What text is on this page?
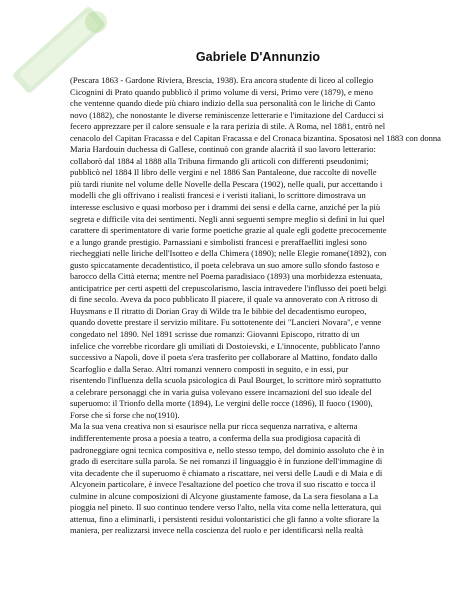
Gabriele D'Annunzio
(Pescara 1863 - Gardone Riviera, Brescia, 1938). Era ancora studente di liceo al collegio
Cicognini di Prato quando pubblicò il primo volume di versi, Primo vere (1879), e meno
che ventenne quando diede più chiaro indizio della sua personalità con le liriche di Canto
novo (1882), che nonostante le diverse reminiscenze letterarie e l'imitazione del Carducci si
fecero apprezzare per il calore sensuale e la rara perizia di stile. A Roma, nel 1881, entrò nel
cenacolo del Capitan Fracassa e del Capitan Fracassa e del Cronaca bizantina. Sposatosi nel 1883 con donna
Maria Hardouin duchessa di Gallese, continuò con grande alacrità il suo lavoro letterario:
collaborò dal 1884 al 1888 alla Tribuna firmando gli articoli con differenti pseudonimi;
pubblicò nel 1884 Il libro delle vergini e nel 1886 San Pantaleone, due raccolte di novelle
più tardi riunite nel volume delle Novelle della Pescara (1902), nelle quali, pur accettando i
modelli che gli offrivano i realisti francesi e i veristi italiani, lo scrittore dimostrava un
interesse esclusivo e quasi morboso per i drammi dei sensi e della carne, anziché per la più
segreta e difficile vita dei sentimenti. Negli anni seguenti sempre meglio si definì in lui quel
carattere di sperimentatore di varie forme poetiche grazie al quale egli godette precocemente
e a lungo grande prestigio. Parnassiani e simbolisti francesi e preraffaelliti inglesi sono
riecheggiati nelle liriche dell'Isotteo e della Chimera (1890); nelle Elegie romane(1892), con
gusto spiccatamente decadentistico, il poeta celebrava un suo amore sullo sfondo fastoso e
barocco della Città eterna; mentre nel Poema paradisiaco (1893) una morbidezza estenuata,
anticipatrice per certi aspetti del crepuscolarismo, lascia intravedere l'influsso dei poeti belgi
di fine secolo. Aveva da poco pubblicato Il piacere, il quale va annoverato con A ritroso di
Huysmans e Il ritratto di Dorian Gray di Wilde tra le bibbie del decadentismo europeo,
quando dovette prestare il servizio militare. Fu sottotenente dei "Lancieri Novara", e venne
congedato nel 1890. Nel 1891 scrisse due romanzi: Giovanni Episcopo, ritratto di un
infelice che vorrebbe ricordare gli umiliati di Dostoievski, e L'innocente, pubblicato l'anno
successivo a Napoli, dove il poeta s'era trasferito per collaborare al Mattino, fondato dallo
Scarfoglio e dalla Serao. Altri romanzi vennero composti in seguito, e in essi, pur
risentendo l'influenza della scuola psicologica di Paul Bourget, lo scrittore mirò soprattutto
a celebrare personaggi che in varia guisa volevano essere incarnazioni del suo ideale del
superuomo: il Trionfo della morte (1894), Le vergini delle rocce (1896), Il fuoco (1900),
Forse che sì forse che no(1910).
Ma la sua vena creativa non si esaurisce nella pur ricca sequenza narrativa, e alterna
indifferentemente prosa a poesia a teatro, a conferma della sua prodigiosa capacità di
padroneggiare ogni tecnica compositiva e, nello stesso tempo, del dominio assoluto che è in
grado di esercitare sulla parola. Se nei romanzi il linguaggio è in funzione dell'immagine di
vita decadente che il superuomo è chiamato a riscattare, nei versi delle Laudi e di Maia e di
Alcyonein particolare, è invece l'esaltazione del poetico che trova il suo riscatto e tocca il
culmine in alcune composizioni di Alcyone giustamente famose, da La sera fiesolana a La
pioggia nel pineto. Il suo continuo tendere verso l'alto, nella vita come nella letteratura, qui
attenua, fino a eliminarli, i persistenti residui volontaristici che gli fanno a volte sfiorare la
maniera, per realizzarsi invece nella coscienza del ruolo e per identificarsi nella realtà
